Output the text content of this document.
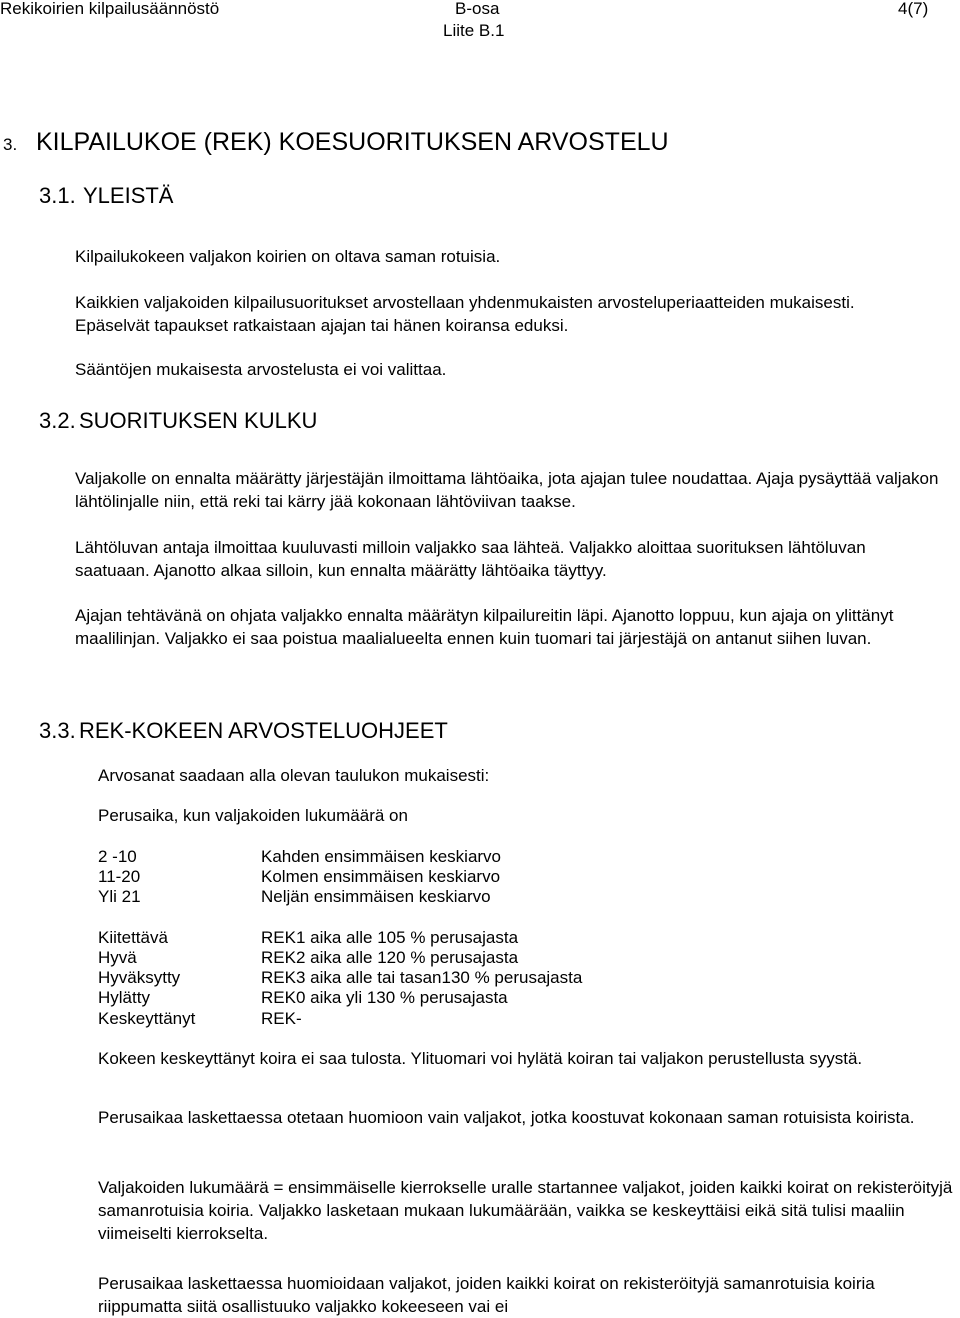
Rekikoirien kilpailusäännöstö	B-osa
Liite B.1
4(7)
3. KILPAILUKOE (REK) KOESUORITUKSEN ARVOSTELU
3.1. YLEISTÄ
Kilpailukokeen valjakon koirien on oltava saman rotuisia.
Kaikkien valjakoiden kilpailusuoritukset arvostellaan yhdenmukaisten arvosteluperiaatteiden mukaisesti. Epäselvät tapaukset ratkaistaan ajajan tai hänen koiransa eduksi.
Sääntöjen mukaisesta arvostelusta ei voi valittaa.
3.2. SUORITUKSEN KULKU
Valjakolle on ennalta määrätty järjestäjän ilmoittama lähtöaika, jota ajajan tulee noudattaa. Ajaja pysäyttää valjakon lähtölinjalle niin, että reki tai kärry jää kokonaan lähtöviivan taakse.
Lähtöluvan antaja ilmoittaa kuuluvasti milloin valjakko saa lähteä. Valjakko aloittaa suorituksen lähtöluvan saatuaan. Ajanotto alkaa silloin, kun ennalta määrätty lähtöaika täyttyy.
Ajajan tehtävänä on ohjata valjakko ennalta määrätyn kilpailureitin läpi. Ajanotto loppuu, kun ajaja on ylittänyt maalilinjan. Valjakko ei saa poistua maalialueelta ennen kuin tuomari tai järjestäjä on antanut siihen luvan.
3.3. REK-KOKEEN ARVOSTELUOHJEET
Arvosanat saadaan alla olevan taulukon mukaisesti:
Perusaika, kun valjakoiden lukumäärä on
2 -10	Kahden ensimmäisen keskiarvo
11-20	Kolmen ensimmäisen keskiarvo
Yli 21	Neljän ensimmäisen keskiarvo
Kiitettävä	REK1 aika alle 105 % perusajasta
Hyvä	REK2 aika alle 120 % perusajasta
Hyväksytty	REK3 aika alle tai tasan130 % perusajasta
Hylätty	REK0 aika yli 130 % perusajasta
Keskeyttänyt	REK-
Kokeen keskeyttänyt koira ei saa tulosta. Ylituomari voi hylätä koiran tai valjakon perustellusta syystä.
Perusaikaa laskettaessa otetaan huomioon vain valjakot, jotka koostuvat kokonaan saman rotuisista koirista.
Valjakoiden lukumäärä = ensimmäiselle kierrokselle uralle startannee valjakot, joiden kaikki koirat on rekisteröityjä samanrotuisia koiria. Valjakko lasketaan mukaan lukumäärään, vaikka se keskeyttäisi eikä sitä tulisi maaliin viimeiselti kierrokselta.
Perusaikaa laskettaessa huomioidaan valjakot, joiden kaikki koirat on rekisteröityjä samanrotuisia koiria riippumatta siitä osallistuuko valjakko kokeeseen vai ei
